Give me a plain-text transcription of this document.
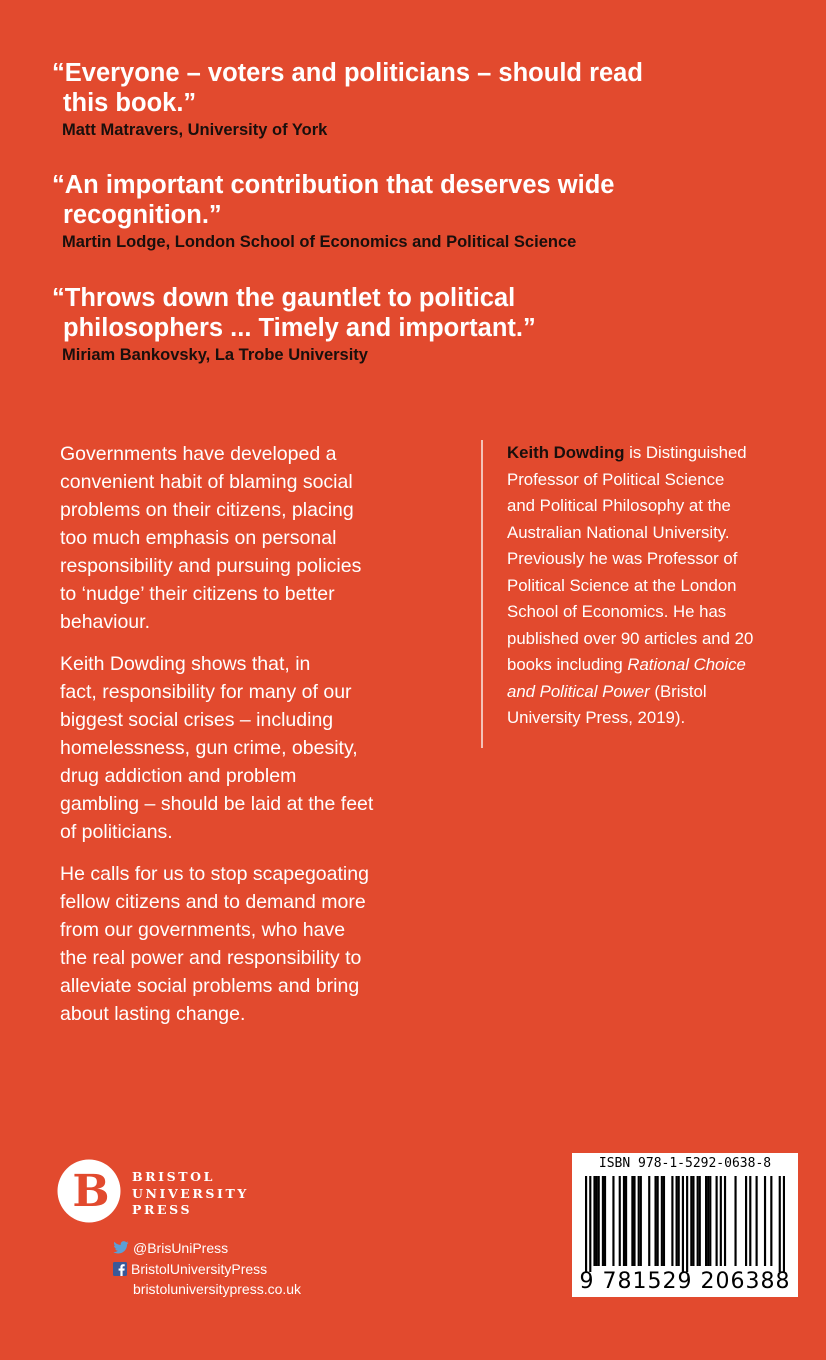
“Everyone – voters and politicians – should read
this book.”
Matt Matravers, University of York
“An important contribution that deserves wide
recognition.”
Martin Lodge, London School of Economics and Political Science
“Throws down the gauntlet to political
philosophers ... Timely and important.”
Miriam Bankovsky, La Trobe University

Governments have developed a
convenient habit of blaming social
problems on their citizens, placing
too much emphasis on personal
responsibility and pursuing policies
to ‘nudge’ their citizens to better
behaviour.

Keith Dowding shows that, in
fact, responsibility for many of our
biggest social crises – including
homelessness, gun crime, obesity,
drug addiction and problem
gambling – should be laid at the feet
of politicians.

He calls for us to stop scapegoating
fellow citizens and to demand more
from our governments, who have
the real power and responsibility to
alleviate social problems and bring
about lasting change.

Keith Dowding is Distinguished
Professor of Political Science
and Political Philosophy at the
Australian National University.
Previously he was Professor of
Political Science at the London
School of Economics. He has
published over 90 articles and 20
books including Rational Choice
and Political Power (Bristol
University Press, 2019).
B BRISTOL
UNIVERSITY
PRESS
@BrisUniPress
BristolUniversityPress
bristoluniversitypress.co.uk
ISBN 978-1-5292-0638-8
9 781529 206388
